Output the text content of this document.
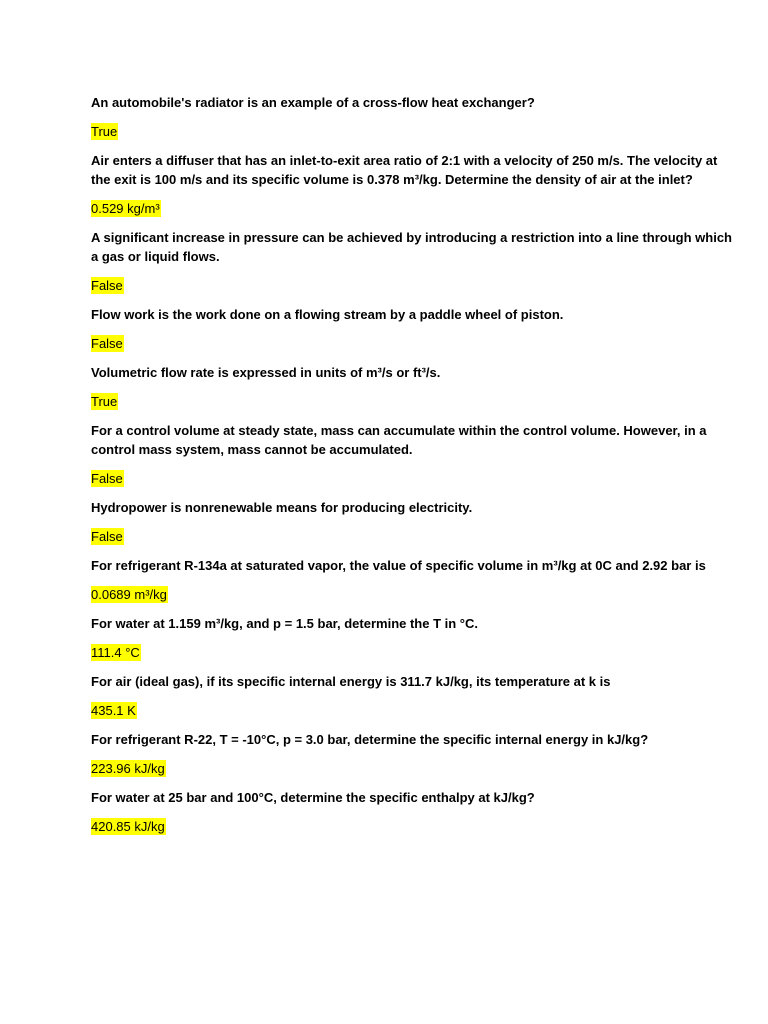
An automobile's radiator is an example of a cross-flow heat exchanger?
True
Air enters a diffuser that has an inlet-to-exit area ratio of 2:1 with a velocity of 250 m/s. The velocity at
the exit is 100 m/s and its specific volume is 0.378 m³/kg. Determine the density of air at the inlet?
0.529 kg/m³
A significant increase in pressure can be achieved by introducing a restriction into a line through which
a gas or liquid flows.
False
Flow work is the work done on a flowing stream by a paddle wheel of piston.
False
Volumetric flow rate is expressed in units of m³/s or ft³/s.
True
For a control volume at steady state, mass can accumulate within the control volume. However, in a
control mass system, mass cannot be accumulated.
False
Hydropower is nonrenewable means for producing electricity.
False
For refrigerant R-134a at saturated vapor, the value of specific volume in m³/kg at 0C and 2.92 bar is
0.0689 m³/kg
For water at 1.159 m³/kg, and p = 1.5 bar, determine the T in °C.
111.4 °C
For air (ideal gas), if its specific internal energy is 311.7 kJ/kg, its temperature at k is
435.1 K
For refrigerant R-22, T = -10°C, p = 3.0 bar, determine the specific internal energy in kJ/kg?
223.96 kJ/kg
For water at 25 bar and 100°C, determine the specific enthalpy at kJ/kg?
420.85 kJ/kg
